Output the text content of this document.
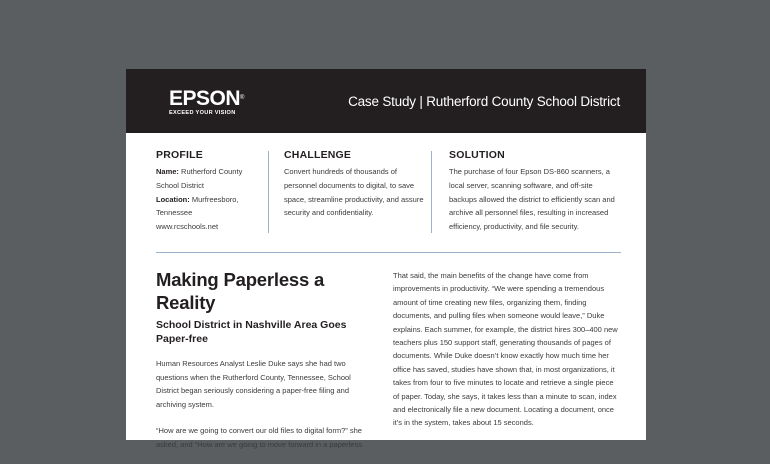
EPSON®
EXCEED YOUR VISION
Case Study | Rutherford County School District
PROFILE

Name: Rutherford County School District

Location: Murfreesboro, Tennessee

www.rcschools.net

CHALLENGE

Convert hundreds of thousands of personnel documents to digital, to save space, streamline productivity, and assure security and confidentiality.

SOLUTION

The purchase of four Epson DS-860 scanners, a local server, scanning software, and off-site backups allowed the district to efficiently scan and archive all personnel files, resulting in increased efficiency, productivity, and file security.

Making Paperless a Reality
School District in Nashville Area Goes Paper-free

Human Resources Analyst Leslie Duke says she had two questions when the Rutherford County, Tennessee, School District began seriously considering a paper-free filing and archiving system.

“How are we going to convert our old files to digital form?” she asked, and “How are we going to move forward in a paperless

That said, the main benefits of the change have come from improvements in productivity. “We were spending a tremendous amount of time creating new files, organizing them, finding documents, and pulling files when someone would leave,” Duke explains. Each summer, for example, the district hires 300–400 new teachers plus 150 support staff, generating thousands of pages of documents. While Duke doesn’t know exactly how much time her office has saved, studies have shown that, in most organizations, it takes from four to five minutes to locate and retrieve a single piece of paper. Today, she says, it takes less than a minute to scan, index and electronically file a new document. Locating a document, once it’s in the system, takes about 15 seconds.
